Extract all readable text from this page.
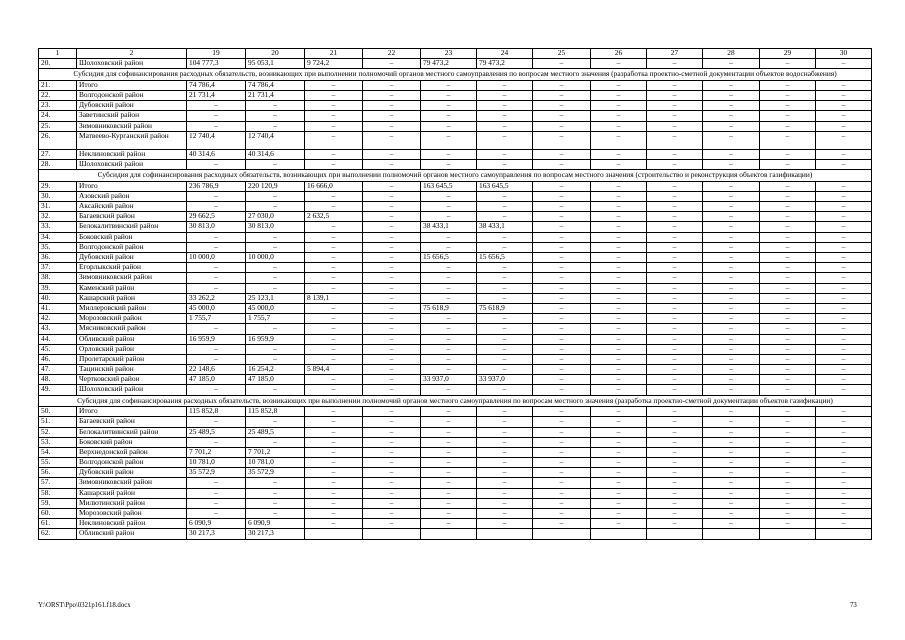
1	2	19	20	21	22	23	24	25	26	27	28	29	30
20.	Шолоховский район	104 777,3	95 053,1	9 724,2	–	79 473,2	79 473,2	–	–	–	–	–	–
Субсидия для софинансирования расходных обязательств, возникающих при выполнении полномочий органов местного самоуправления по вопросам местного значения (разработка проектно-сметной документации объектов водоснабжения)													
21.	Итого	74 786,4	74 786,4	–	–	–	–	–	–	–	–	–	–
22.	Волгодонской район	21 731,4	21 731,4	–	–	–	–	–	–	–	–	–	–
23.	Дубовский район	–	–	–	–	–	–	–	–	–	–	–	–
24.	Заветинский район	–	–	–	–	–	–	–	–	–	–	–	–
25.	Зимовниковский район	–	–	–	–	–	–	–	–	–	–	–	–
26.	Матвеево-Курганский район	12 740,4	12 740,4	–	–	–	–	–	–	–	–	–	–
27.	Неклиновский район	40 314,6	40 314,6	–	–	–	–	–	–	–	–	–	–
28.	Шолоховский район	–	–	–	–	–	–	–	–	–	–	–	–
Субсидия для софинансирования расходных обязательств, возникающих при выполнении полномочий органов местного самоуправления по вопросам местного значения (строительство и реконструкция объектов газификации)													
29.	Итого	236 786,9	220 120,9	16 666,0	–	163 645,5	163 645,5	–	–	–	–	–	–
30.	Азовский район	–	–	–	–	–	–	–	–	–	–	–	–
31.	Аксайский район	–	–	–	–	–	–	–	–	–	–	–	–
32.	Багаевский район	29 662,5	27 030,0	2 632,5	–	–	–	–	–	–	–	–	–
33.	Белокалитвинский район	30 813,0	30 813,0	–	–	38 433,1	38 433,1	–	–	–	–	–	–
34.	Боковский район	–	–	–	–	–	–	–	–	–	–	–	–
35.	Волгодонской район	–	–	–	–	–	–	–	–	–	–	–	–
36.	Дубовский район	10 000,0	10 000,0	–	–	15 656,5	15 656,5	–	–	–	–	–	–
37.	Егорлыкский район	–	–	–	–	–	–	–	–	–	–	–	–
38.	Зимовниковский район	–	–	–	–	–	–	–	–	–	–	–	–
39.	Каменский район	–	–	–	–	–	–	–	–	–	–	–	–
40.	Кашарский район	33 262,2	25 123,1	8 139,1	–	–	–	–	–	–	–	–	–
41.	Миллеровский район	45 000,0	45 000,0	–	–	75 618,9	75 618,9	–	–	–	–	–	–
42.	Морозовский район	1 755,7	1 755,7	–	–	–	–	–	–	–	–	–	–
43.	Мясниковский район	–	–	–	–	–	–	–	–	–	–	–	–
44.	Обливский район	16 959,9	16 959,9	–	–	–	–	–	–	–	–	–	–
45.	Орловский район	–	–	–	–	–	–	–	–	–	–	–	–
46.	Пролетарский район	–	–	–	–	–	–	–	–	–	–	–	–
47.	Тацинский район	22 148,6	16 254,2	5 894,4	–	–	–	–	–	–	–	–	–
48.	Чертковский район	47 185,0	47 185,0	–	–	33 937,0	33 937,0	–	–	–	–	–	–
49.	Шолоховский район	–	–	–	–	–	–	–	–	–	–	–	–
Субсидия для софинансирования расходных обязательств, возникающих при выполнении полномочий органов местного самоуправления по вопросам местного значения (разработка проектно-сметной документации объектов газификации)													
50.	Итого	115 852,8	115 852,8	–	–	–	–	–	–	–	–	–	–
51.	Багаевский район	–	–	–	–	–	–	–	–	–	–	–	–
52.	Белокалитвинский район	25 489,5	25 489,5	–	–	–	–	–	–	–	–	–	–
53.	Боковский район	–	–	–	–	–	–	–	–	–	–	–	–
54.	Верхнедонской район	7 701,2	7 701,2	–	–	–	–	–	–	–	–	–	–
55.	Волгодонской район	10 781,0	10 781,0	–	–	–	–	–	–	–	–	–	–
56.	Дубовский район	35 572,9	35 572,9	–	–	–	–	–	–	–	–	–	–
57.	Зимовниковский район	–	–	–	–	–	–	–	–	–	–	–	–
58.	Кашарский район	–	–	–	–	–	–	–	–	–	–	–	–
59.	Милютинский район	–	–	–	–	–	–	–	–	–	–	–	–
60.	Морозовский район	–	–	–	–	–	–	–	–	–	–	–	–
61.	Неклиновский район	6 090,9	6 090,9	–	–	–	–	–	–	–	–	–	–
62.	Обливский район	30 217,3	30 217,3										
Y:\ORST\Ppo\0321p161.f18.docx	73
